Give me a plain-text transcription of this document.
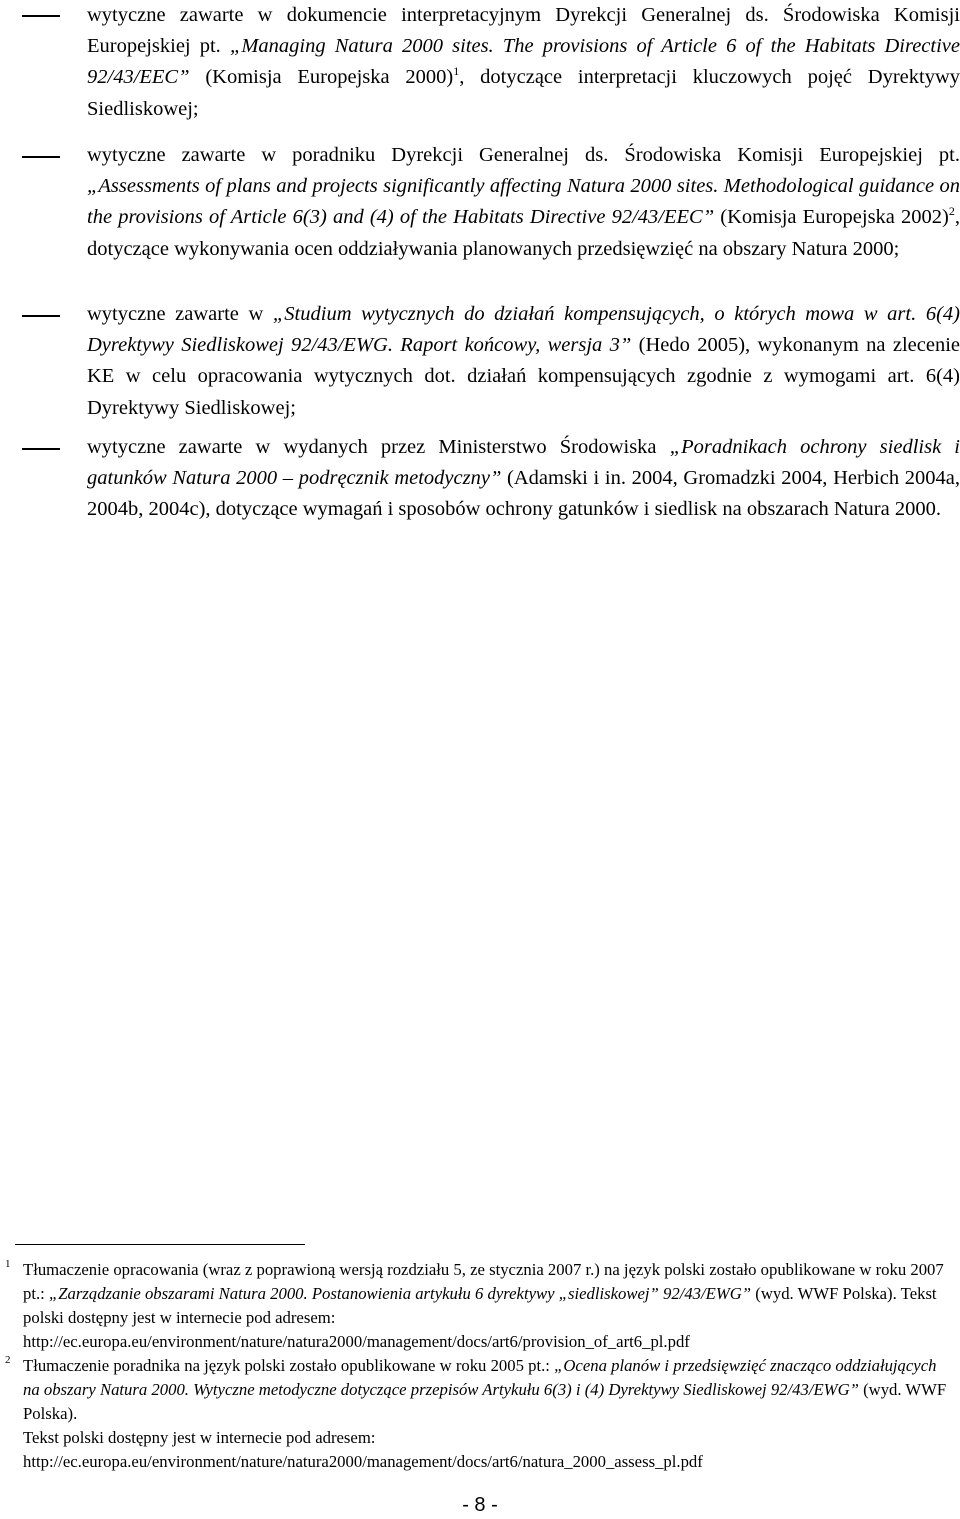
wytyczne zawarte w dokumencie interpretacyjnym Dyrekcji Generalnej ds. Środowiska Komisji Europejskiej pt. „Managing Natura 2000 sites. The provisions of Article 6 of the Habitats Directive 92/43/EEC” (Komisja Europejska 2000)$^1$, dotyczące interpretacji kluczowych pojęć Dyrektywy Siedliskowej;
wytyczne zawarte w poradniku Dyrekcji Generalnej ds. Środowiska Komisji Europejskiej pt. „Assessments of plans and projects significantly affecting Natura 2000 sites. Methodological guidance on the provisions of Article 6(3) and (4) of the Habitats Directive 92/43/EEC” (Komisja Europejska 2002)$^2$, dotyczące wykonywania ocen oddziaływania planowanych przedsięwzięć na obszary Natura 2000;
wytyczne zawarte w „Studium wytycznych do działań kompensujących, o których mowa w art. 6(4) Dyrektywy Siedliskowej 92/43/EWG. Raport końcowy, wersja 3” (Hedo 2005), wykonanym na zlecenie KE w celu opracowania wytycznych dot. działań kompensujących zgodnie z wymogami art. 6(4) Dyrektywy Siedliskowej;
wytyczne zawarte w wydanych przez Ministerstwo Środowiska „Poradnikach ochrony siedlisk i gatunków Natura 2000 – podręcznik metodyczny” (Adamski i in. 2004, Gromadzki 2004, Herbich 2004a, 2004b, 2004c), dotyczące wymagań i sposobów ochrony gatunków i siedlisk na obszarach Natura 2000.
1 Tłumaczenie opracowania (wraz z poprawioną wersją rozdziału 5, ze stycznia 2007 r.) na język polski zostało opublikowane w roku 2007 pt.: „Zarządzanie obszarami Natura 2000. Postanowienia artykułu 6 dyrektywy „siedliskowej” 92/43/EWG” (wyd. WWF Polska). Tekst polski dostępny jest w internecie pod adresem:
http://ec.europa.eu/environment/nature/natura2000/management/docs/art6/provision_of_art6_pl.pdf
2 Tłumaczenie poradnika na język polski zostało opublikowane w roku 2005 pt.: „Ocena planów i przedsięwzięć znacząco oddziałujących na obszary Natura 2000. Wytyczne metodyczne dotyczące przepisów Artykułu 6(3) i (4) Dyrektywy Siedliskowej 92/43/EWG” (wyd. WWF Polska).
Tekst polski dostępny jest w internecie pod adresem:
http://ec.europa.eu/environment/nature/natura2000/management/docs/art6/natura_2000_assess_pl.pdf
- 8 -
